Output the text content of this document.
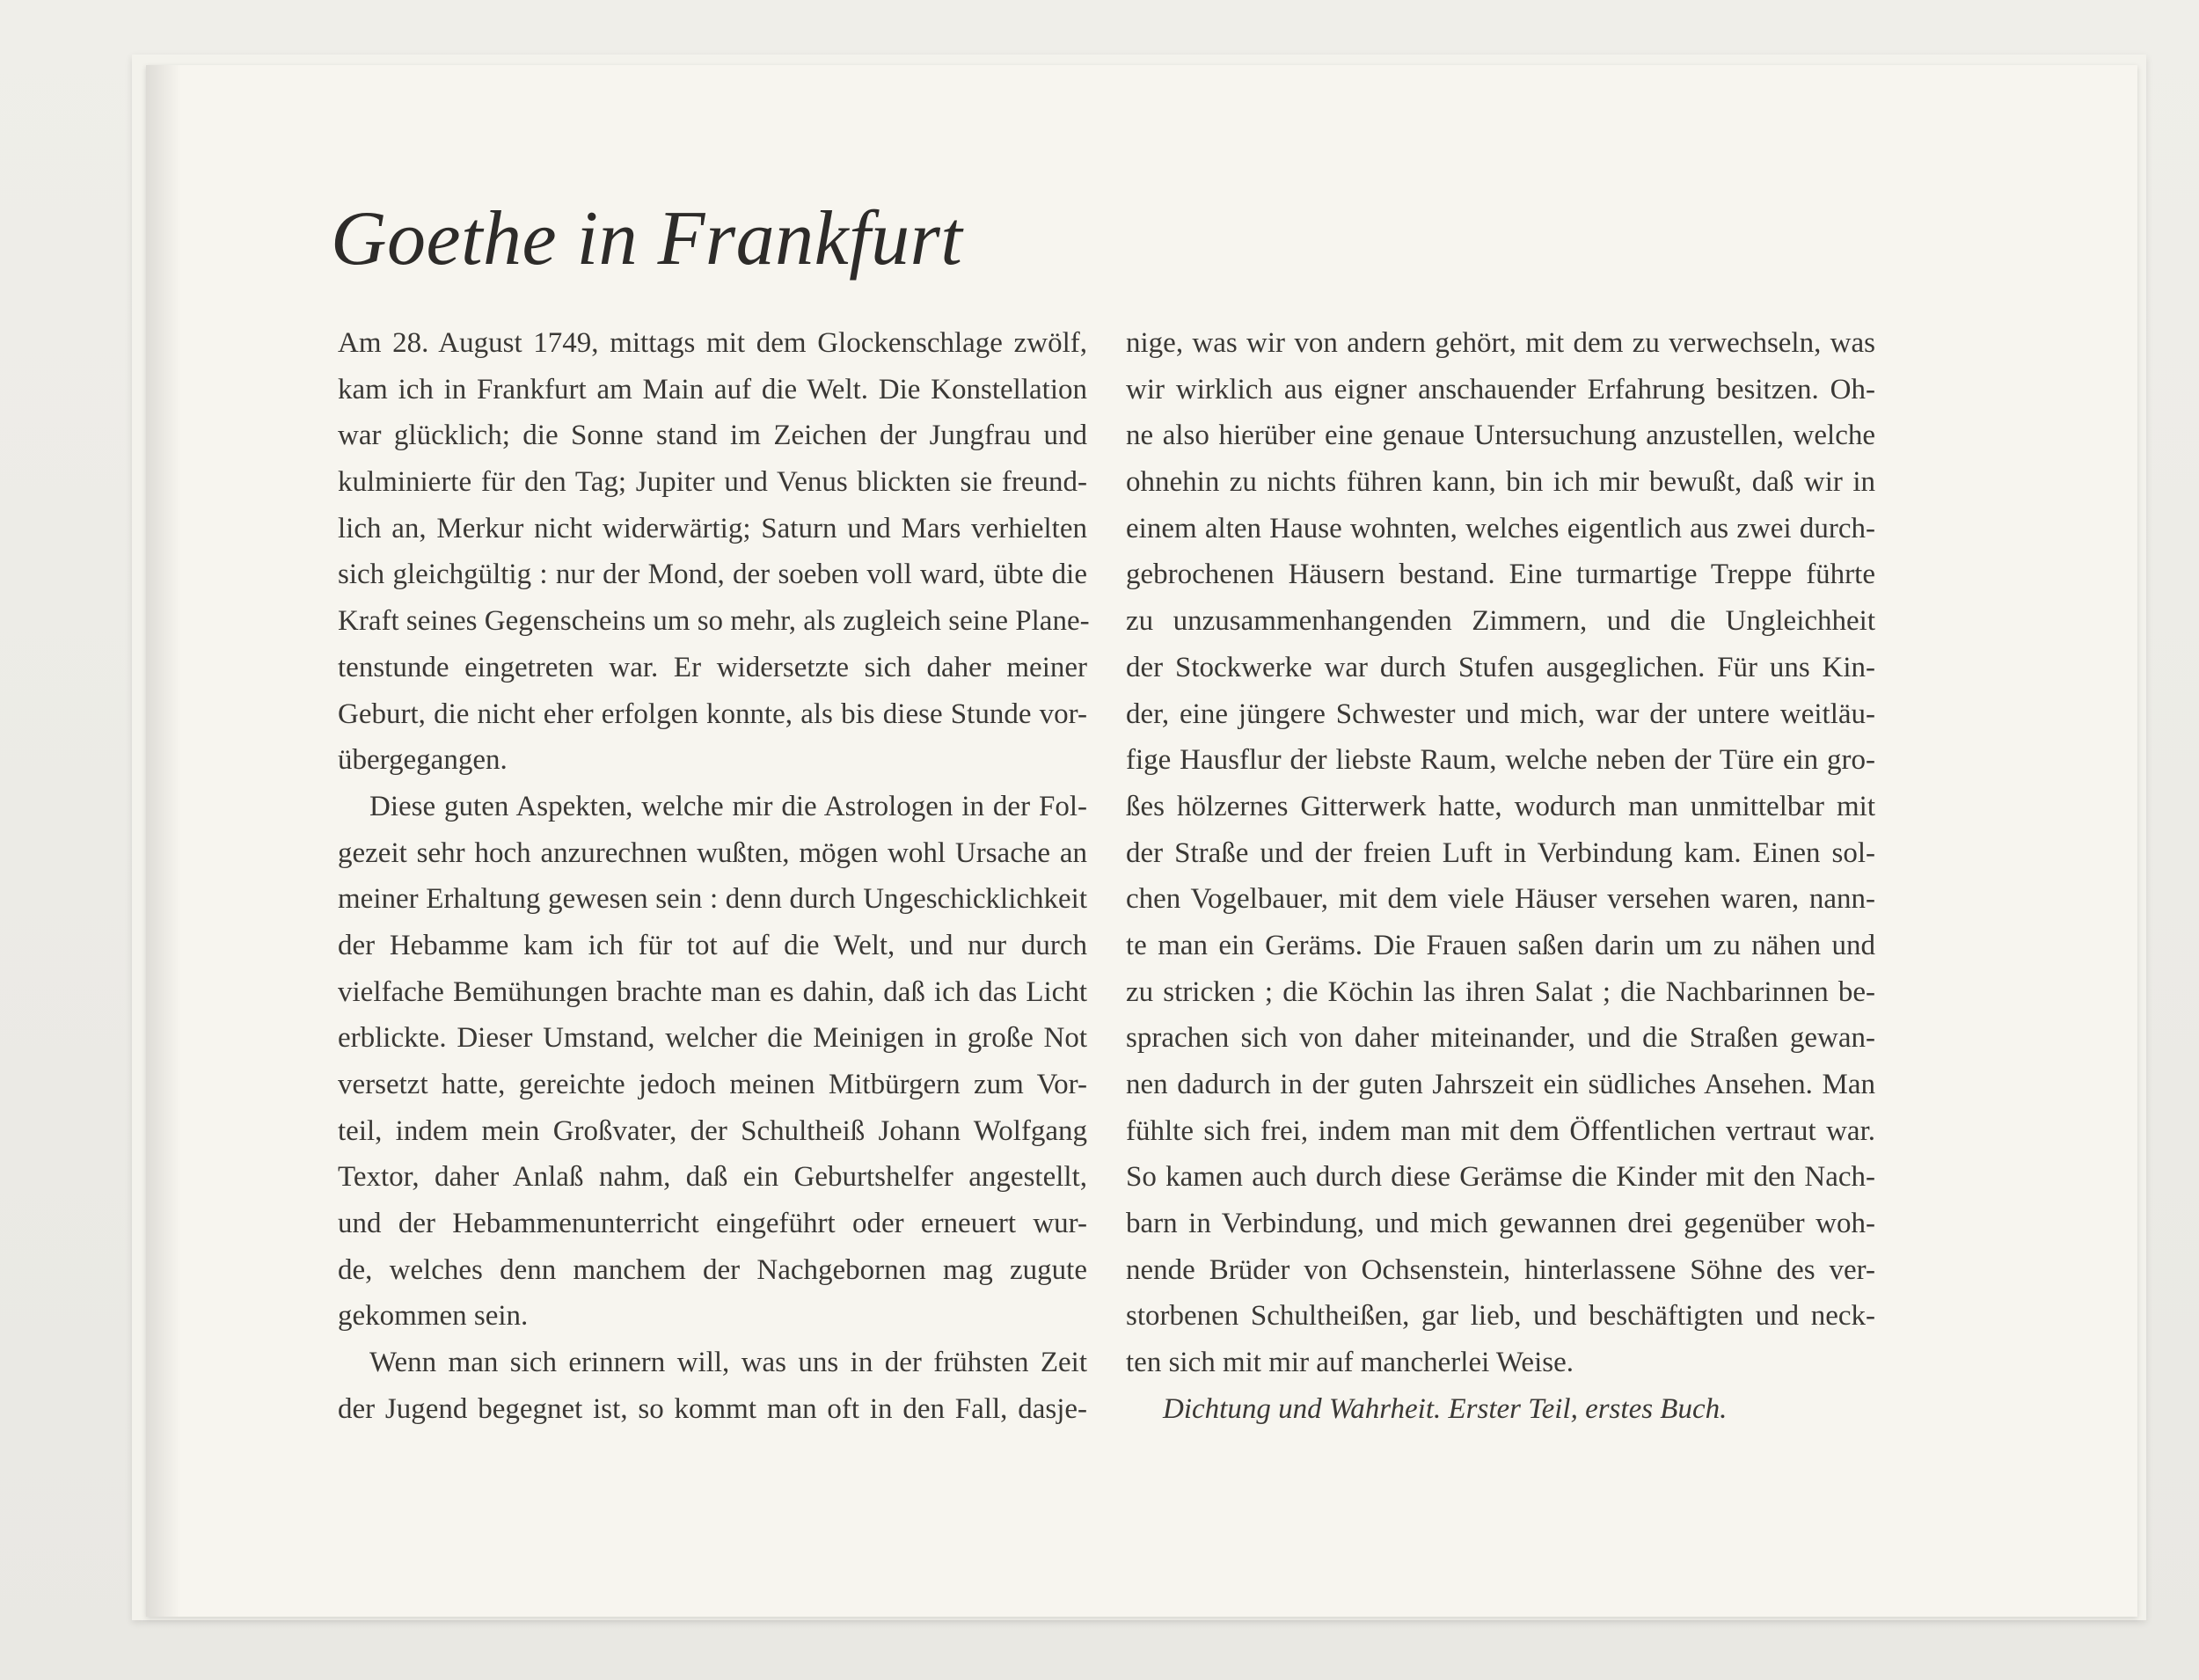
Goethe in Frankfurt
Am 28. August 1749, mittags mit dem Glockenschlage zwölf,
kam ich in Frankfurt am Main auf die Welt. Die Konstellation
war glücklich; die Sonne stand im Zeichen der Jungfrau und
kulminierte für den Tag; Jupiter und Venus blickten sie freund-
lich an, Merkur nicht widerwärtig; Saturn und Mars verhielten
sich gleichgültig : nur der Mond, der soeben voll ward, übte die
Kraft seines Gegenscheins um so mehr, als zugleich seine Plane-
tenstunde eingetreten war. Er widersetzte sich daher meiner
Geburt, die nicht eher erfolgen konnte, als bis diese Stunde vor-
übergegangen.
Diese guten Aspekten, welche mir die Astrologen in der Fol-
gezeit sehr hoch anzurechnen wußten, mögen wohl Ursache an
meiner Erhaltung gewesen sein : denn durch Ungeschicklichkeit
der Hebamme kam ich für tot auf die Welt, und nur durch
vielfache Bemühungen brachte man es dahin, daß ich das Licht
erblickte. Dieser Umstand, welcher die Meinigen in große Not
versetzt hatte, gereichte jedoch meinen Mitbürgern zum Vor-
teil, indem mein Großvater, der Schultheiß Johann Wolfgang
Textor, daher Anlaß nahm, daß ein Geburtshelfer angestellt,
und der Hebammenunterricht eingeführt oder erneuert wur-
de, welches denn manchem der Nachgebornen mag zugute
gekommen sein.
Wenn man sich erinnern will, was uns in der frühsten Zeit
der Jugend begegnet ist, so kommt man oft in den Fall, dasje-
nige, was wir von andern gehört, mit dem zu verwechseln, was
wir wirklich aus eigner anschauender Erfahrung besitzen. Oh-
ne also hierüber eine genaue Untersuchung anzustellen, welche
ohnehin zu nichts führen kann, bin ich mir bewußt, daß wir in
einem alten Hause wohnten, welches eigentlich aus zwei durch-
gebrochenen Häusern bestand. Eine turmartige Treppe führte
zu unzusammenhangenden Zimmern, und die Ungleichheit
der Stockwerke war durch Stufen ausgeglichen. Für uns Kin-
der, eine jüngere Schwester und mich, war der untere weitläu-
fige Hausflur der liebste Raum, welche neben der Türe ein gro-
ßes hölzernes Gitterwerk hatte, wodurch man unmittelbar mit
der Straße und der freien Luft in Verbindung kam. Einen sol-
chen Vogelbauer, mit dem viele Häuser versehen waren, nann-
te man ein Geräms. Die Frauen saßen darin um zu nähen und
zu stricken ; die Köchin las ihren Salat ; die Nachbarinnen be-
sprachen sich von daher miteinander, und die Straßen gewan-
nen dadurch in der guten Jahrszeit ein südliches Ansehen. Man
fühlte sich frei, indem man mit dem Öffentlichen vertraut war.
So kamen auch durch diese Gerämse die Kinder mit den Nach-
barn in Verbindung, und mich gewannen drei gegenüber woh-
nende Brüder von Ochsenstein, hinterlassene Söhne des ver-
storbenen Schultheißen, gar lieb, und beschäftigten und neck-
ten sich mit mir auf mancherlei Weise.
Dichtung und Wahrheit. Erster Teil, erstes Buch.
